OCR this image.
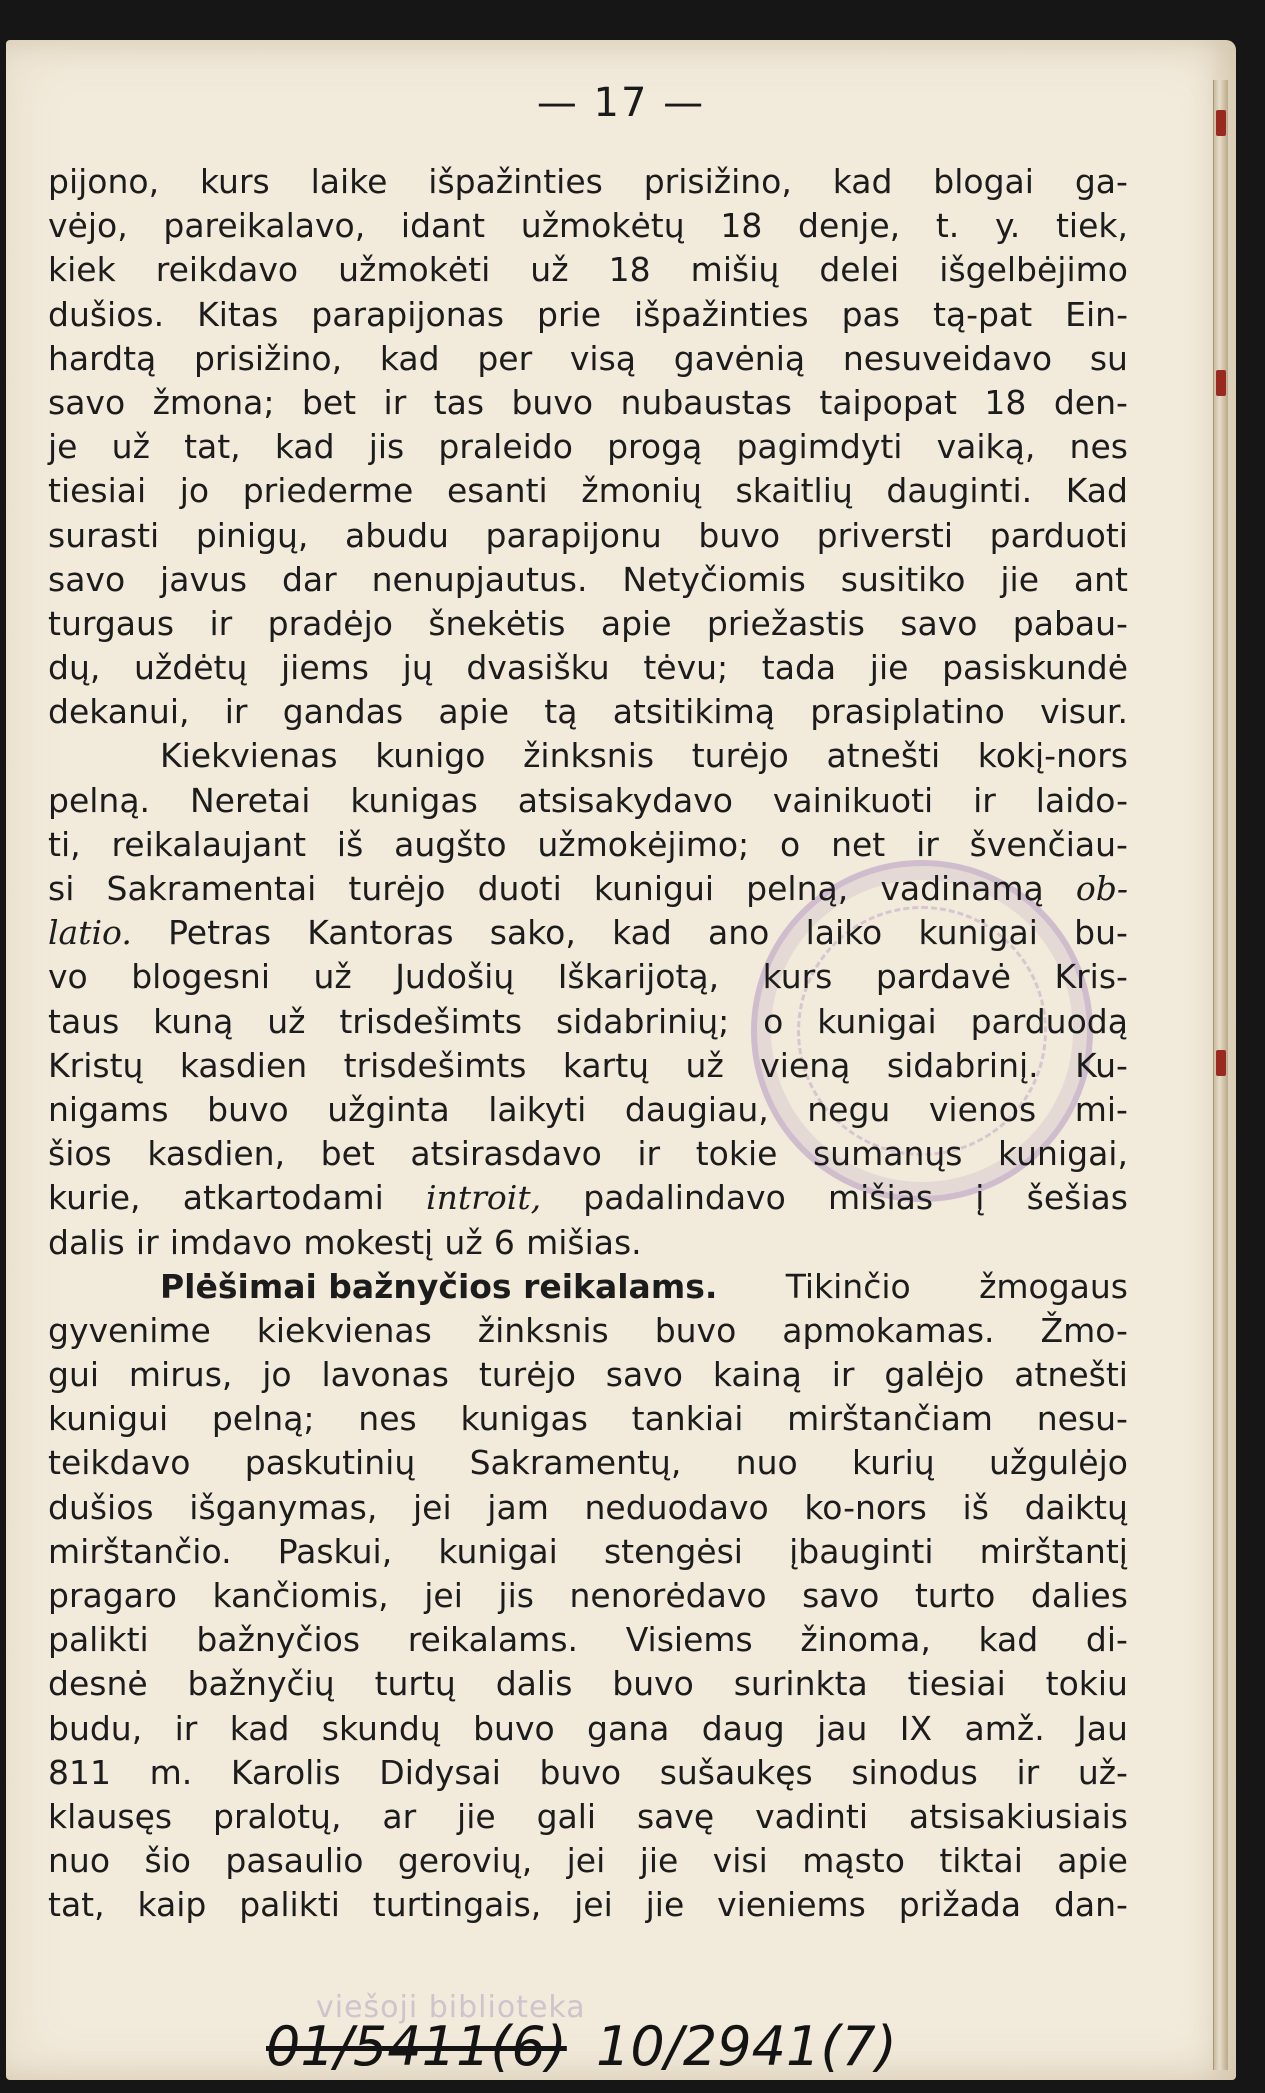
— 17 —
pijono, kurs laike išpažinties prisižino, kad blogai ga-
vėjo, pareikalavo, idant užmokėtų 18 denje, t. y. tiek,
kiek reikdavo užmokėti už 18 mišių delei išgelbėjimo
dušios. Kitas parapijonas prie išpažinties pas tą-pat Ein-
hardtą prisižino, kad per visą gavėnią nesuveidavo su
savo žmona; bet ir tas buvo nubaustas taipopat 18 den-
je už tat, kad jis praleido progą pagimdyti vaiką, nes
tiesiai jo priederme esanti žmonių skaitlių dauginti. Kad
surasti pinigų, abudu parapijonu buvo priversti parduoti
savo javus dar nenupjautus. Netyčiomis susitiko jie ant
turgaus ir pradėjo šnekėtis apie priežastis savo pabau-
dų, uždėtų jiems jų dvasišku tėvu; tada jie pasiskundė
dekanui, ir gandas apie tą atsitikimą prasiplatino visur.
Kiekvienas kunigo žinksnis turėjo atnešti kokį-nors
pelną. Neretai kunigas atsisakydavo vainikuoti ir laido-
ti, reikalaujant iš augšto užmokėjimo; o net ir švenčiau-
si Sakramentai turėjo duoti kunigui pelną, vadinamą ob-
latio. Petras Kantoras sako, kad ano laiko kunigai bu-
vo blogesni už Judošių Iškarijotą, kurs pardavė Kris-
taus kuną už trisdešimts sidabrinių; o kunigai parduodą
Kristų kasdien trisdešimts kartų už vieną sidabrinį. Ku-
nigams buvo užginta laikyti daugiau, negu vienos mi-
šios kasdien, bet atsirasdavo ir tokie sumanųs kunigai,
kurie, atkartodami introit, padalindavo mišias į šešias
dalis ir imdavo mokestį už 6 mišias.
Plėšimai bažnyčios reikalams. Tikinčio žmogaus
gyvenime kiekvienas žinksnis buvo apmokamas. Žmo-
gui mirus, jo lavonas turėjo savo kainą ir galėjo atnešti
kunigui pelną; nes kunigas tankiai mirštančiam nesu-
teikdavo paskutinių Sakramentų, nuo kurių užgulėjo
dušios išganymas, jei jam neduodavo ko-nors iš daiktų
mirštančio. Paskui, kunigai stengėsi įbauginti mirštantį
pragaro kančiomis, jei jis nenorėdavo savo turto dalies
palikti bažnyčios reikalams. Visiems žinoma, kad di-
desnė bažnyčių turtų dalis buvo surinkta tiesiai tokiu
budu, ir kad skundų buvo gana daug jau IX amž. Jau
811 m. Karolis Didysai buvo sušaukęs sinodus ir už-
klausęs pralotų, ar jie gali savę vadinti atsisakiusiais
nuo šio pasaulio gerovių, jei jie visi mąsto tiktai apie
tat, kaip palikti turtingais, jei jie vieniems prižada dan-
viešoji biblioteka
01/5411(6) 10/2941(7)
